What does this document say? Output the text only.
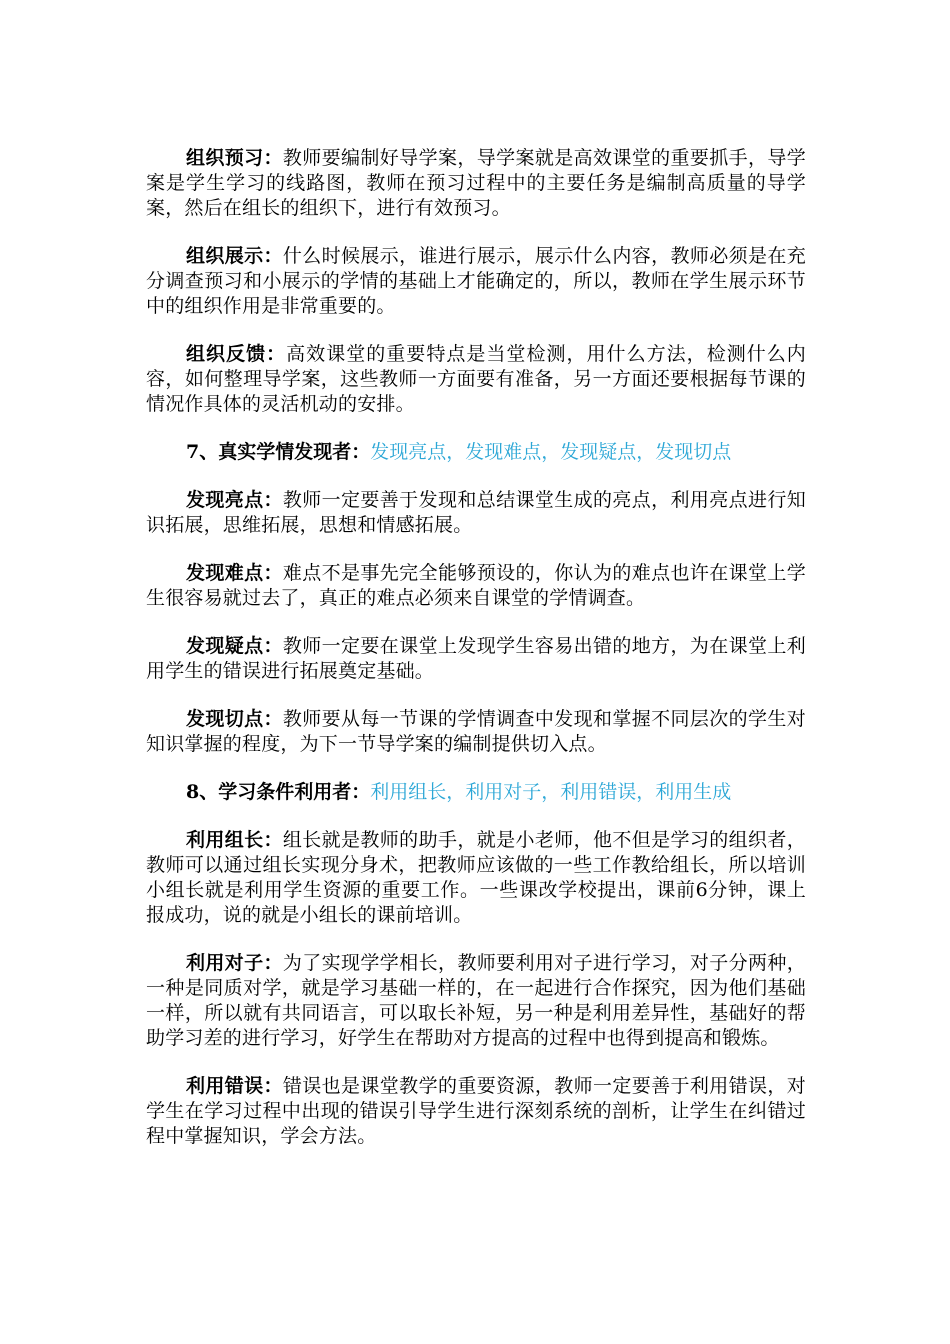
组织预习：教师要编制好导学案，导学案就是高效课堂的重要抓手，导学案是学生学习的线路图，教师在预习过程中的主要任务是编制高质量的导学案，然后在组长的组织下，进行有效预习。

组织展示：什么时候展示，谁进行展示，展示什么内容，教师必须是在充分调查预习和小展示的学情的基础上才能确定的，所以，教师在学生展示环节中的组织作用是非常重要的。

组织反馈：高效课堂的重要特点是当堂检测，用什么方法，检测什么内容，如何整理导学案，这些教师一方面要有准备，另一方面还要根据每节课的情况作具体的灵活机动的安排。

7、真实学情发现者：发现亮点，发现难点，发现疑点，发现切点

发现亮点：教师一定要善于发现和总结课堂生成的亮点，利用亮点进行知识拓展，思维拓展，思想和情感拓展。

发现难点：难点不是事先完全能够预设的，你认为的难点也许在课堂上学生很容易就过去了，真正的难点必须来自课堂的学情调查。

发现疑点：教师一定要在课堂上发现学生容易出错的地方，为在课堂上利用学生的错误进行拓展奠定基础。

发现切点：教师要从每一节课的学情调查中发现和掌握不同层次的学生对知识掌握的程度，为下一节导学案的编制提供切入点。

8、学习条件利用者：利用组长，利用对子，利用错误，利用生成

利用组长：组长就是教师的助手，就是小老师，他不但是学习的组织者，教师可以通过组长实现分身术，把教师应该做的一些工作教给组长，所以培训小组长就是利用学生资源的重要工作。一些课改学校提出，课前6分钟，课上报成功，说的就是小组长的课前培训。

利用对子：为了实现学学相长，教师要利用对子进行学习，对子分两种，一种是同质对学，就是学习基础一样的，在一起进行合作探究，因为他们基础一样，所以就有共同语言，可以取长补短，另一种是利用差异性，基础好的帮助学习差的进行学习，好学生在帮助对方提高的过程中也得到提高和锻炼。

利用错误：错误也是课堂教学的重要资源，教师一定要善于利用错误，对学生在学习过程中出现的错误引导学生进行深刻系统的剖析，让学生在纠错过程中掌握知识，学会方法。
